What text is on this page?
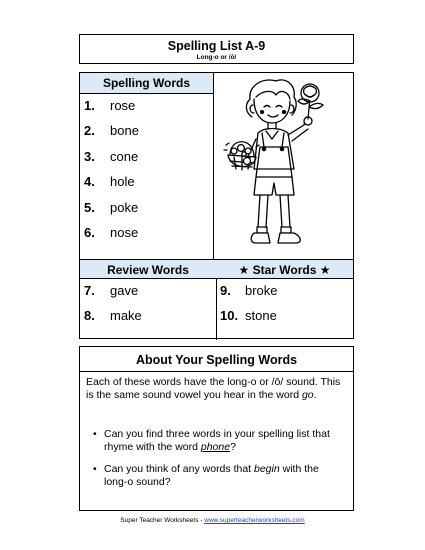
Spelling List A-9
Long-o or /ō/
Spelling Words
1. rose
2. bone
3. cone
4. hole
5. poke
6. nose
Review Words	★ Star Words ★
7. gave
8. make
9. broke
10. stone
About Your Spelling Words
Each of these words have the long-o or /ō/ sound. This is the same sound vowel you hear in the word go.
• Can you find three words in your spelling list that rhyme with the word phone?
• Can you think of any words that begin with the long-o sound?
Super Teacher Worksheets - www.superteacherworksheets.com
